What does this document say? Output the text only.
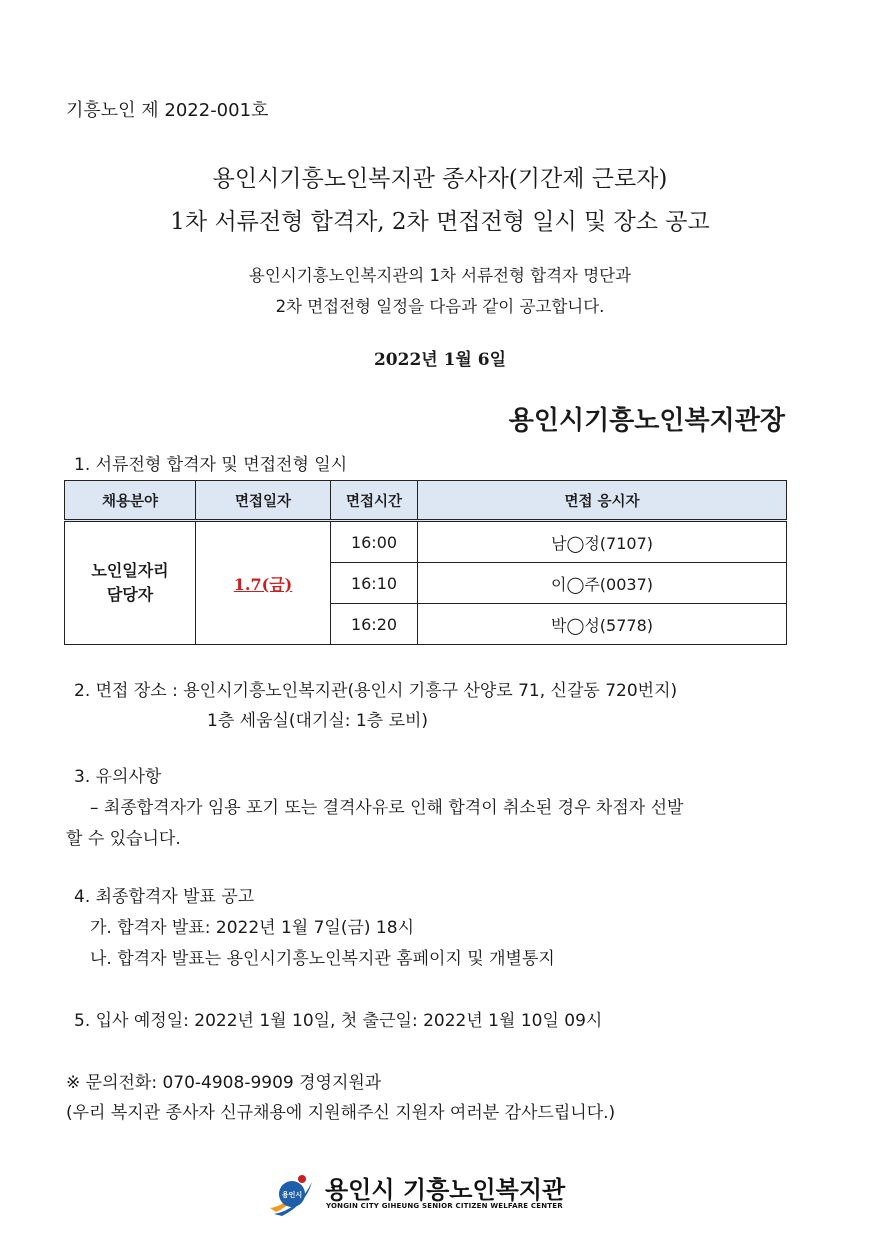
기흥노인 제 2022-001호
용인시기흥노인복지관 종사자(기간제 근로자)
1차 서류전형 합격자, 2차 면접전형 일시 및 장소 공고
용인시기흥노인복지관의 1차 서류전형 합격자 명단과
2차 면접전형 일정을 다음과 같이 공고합니다.
2022년 1월 6일
용인시기흥노인복지관장
1. 서류전형 합격자 및 면접전형 일시
채용분야	면접일자	면접시간	면접 응시자

노인일자리
담당자	1.7(금)	16:00	남◯정(7107)
		16:10	이◯주(0037)
		16:20	박◯성(5778)
2. 면접 장소 : 용인시기흥노인복지관(용인시 기흥구 산양로 71, 신갈동 720번지)
1층 세움실(대기실: 1층 로비)
3. 유의사항
– 최종합격자가 임용 포기 또는 결격사유로 인해 합격이 취소된 경우 차점자 선발
할 수 있습니다.
4. 최종합격자 발표 공고
가. 합격자 발표: 2022년 1월 7일(금) 18시
나. 합격자 발표는 용인시기흥노인복지관 홈페이지 및 개별통지
5. 입사 예정일: 2022년 1월 10일, 첫 출근일: 2022년 1월 10일 09시
※ 문의전화: 070-4908-9909 경영지원과
(우리 복지관 종사자 신규채용에 지원해주신 지원자 여러분 감사드립니다.)
용인시 용인시 기흥노인복지관
YONGIN CITY GIHEUNG SENIOR CITIZEN WELFARE CENTER
